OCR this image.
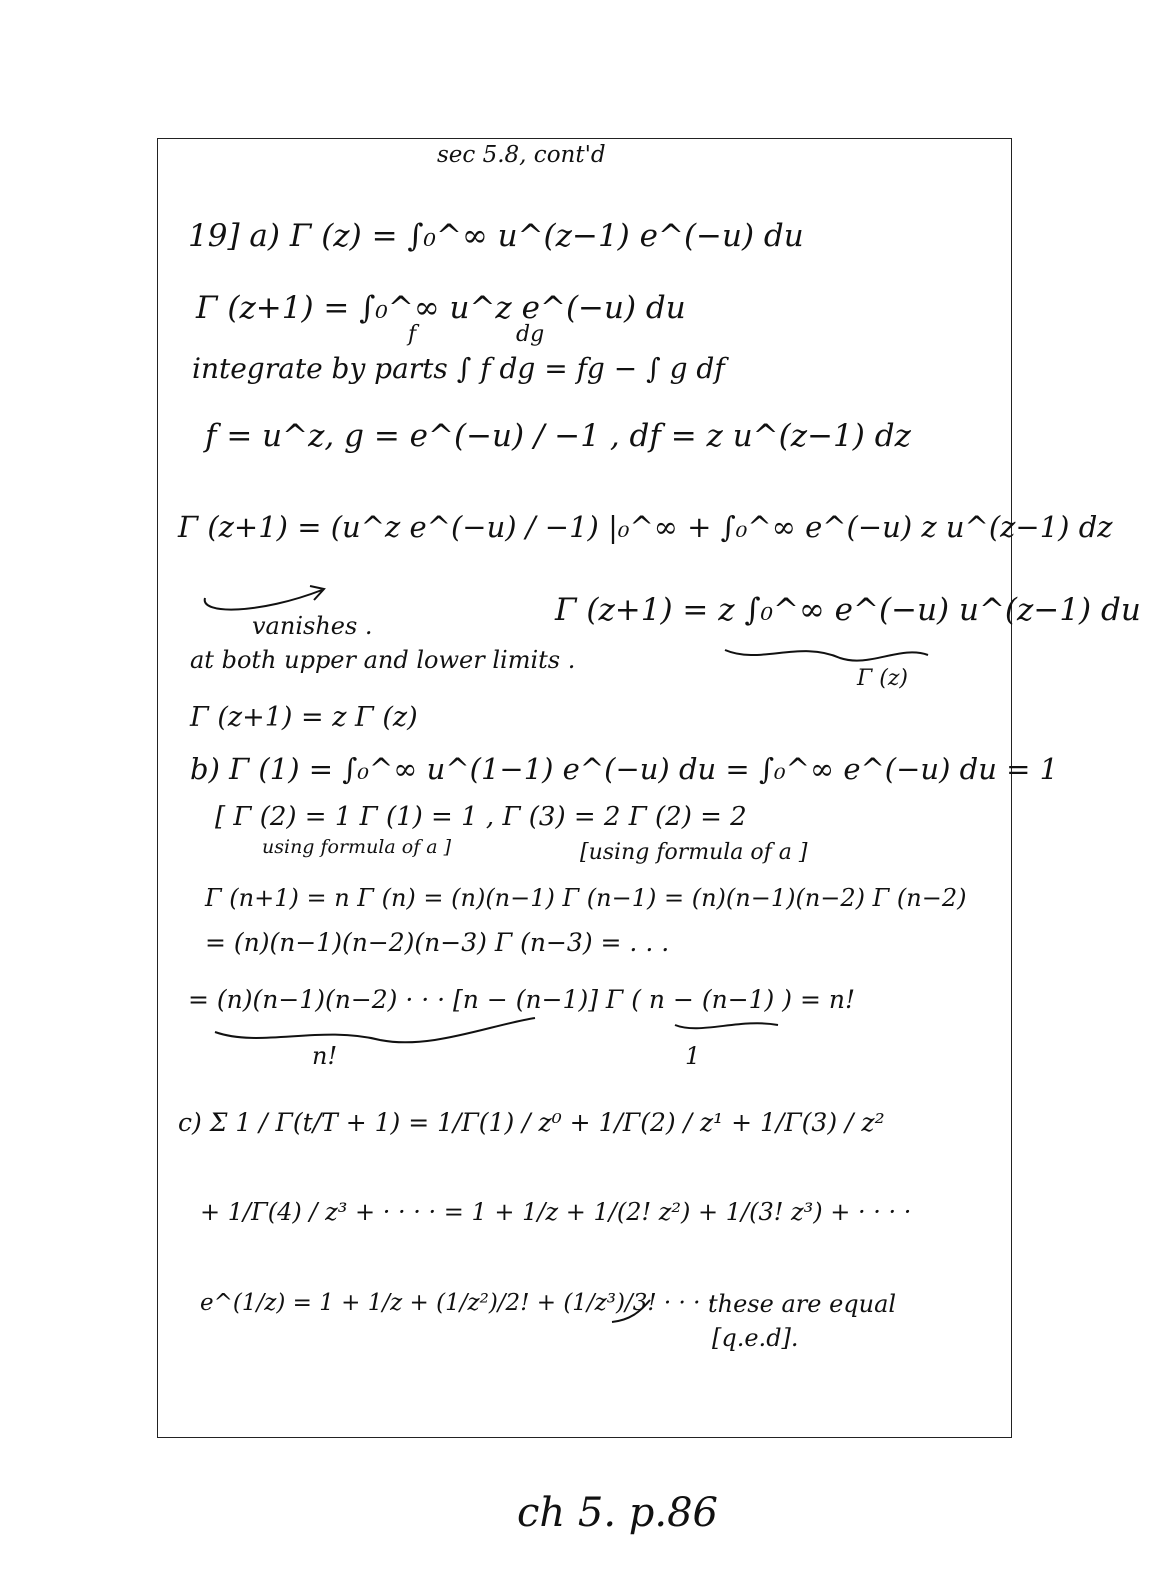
sec 5.8, cont'd
19] a) Γ (z) = ∫₀^∞ u^(z−1) e^(−u) du
Γ (z+1) = ∫₀^∞ u^z e^(−u) du
f	dg
integrate by parts ∫ f dg = fg − ∫ g df
f = u^z, g = e^(−u) / −1 , df = z u^(z−1) dz
Γ (z+1) = (u^z e^(−u) / −1) |₀^∞ + ∫₀^∞ e^(−u) z u^(z−1) dz
vanishes .	Γ (z+1) = z ∫₀^∞ e^(−u) u^(z−1) du
at both upper and lower limits .
Γ (z)
Γ (z+1) = z Γ (z)
b) Γ (1) = ∫₀^∞ u^(1−1) e^(−u) du = ∫₀^∞ e^(−u) du = 1
[ Γ (2) = 1 Γ (1) = 1 , Γ (3) = 2 Γ (2) = 2
using formula of a ]	[using formula of a ]
Γ (n+1) = n Γ (n) = (n)(n−1) Γ (n−1) = (n)(n−1)(n−2) Γ (n−2)
= (n)(n−1)(n−2)(n−3) Γ (n−3) = . . .
= (n)(n−1)(n−2) · · · [n − (n−1)] Γ ( n − (n−1) ) = n!
n!	1
c) Σ 1 / Γ(t/T + 1) = 1/Γ(1) / z⁰ + 1/Γ(2) / z¹ + 1/Γ(3) / z²
+ 1/Γ(4) / z³ + · · · · = 1 + 1/z + 1/(2! z²) + 1/(3! z³) + · · · ·
e^(1/z) = 1 + 1/z + (1/z²)/2! + (1/z³)/3! · · · ·
these are equal
[q.e.d].
ch 5. p.86
